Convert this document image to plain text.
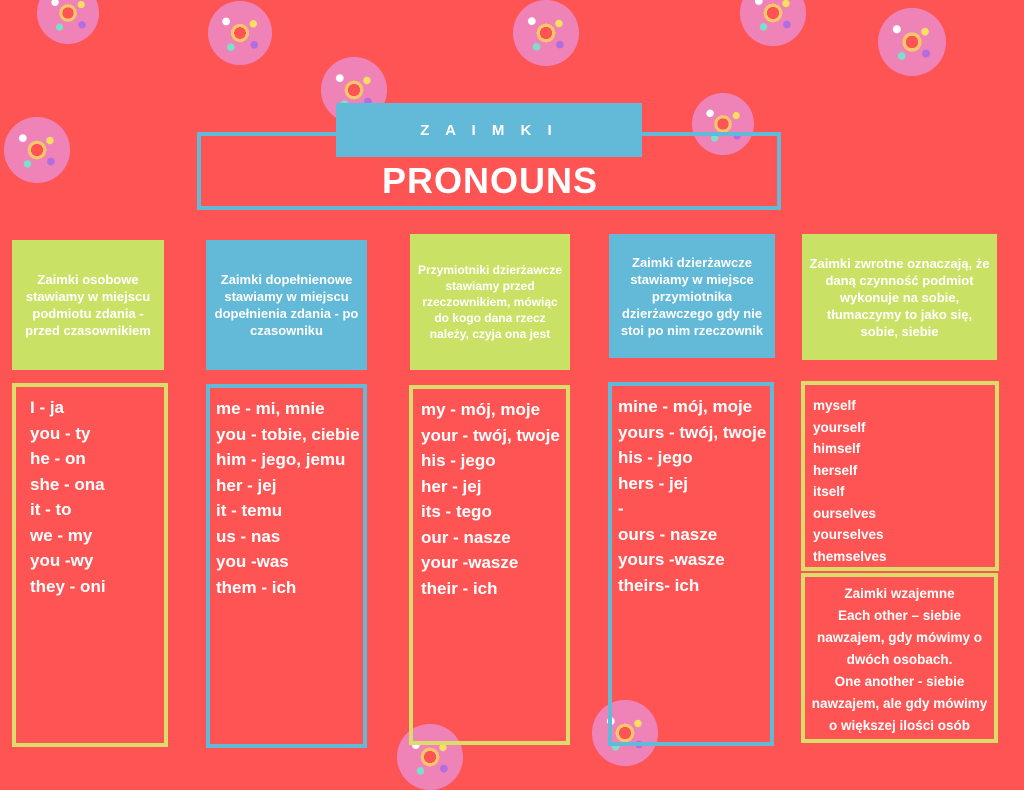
Z A I M K I
PRONOUNS
Zaimki osobowe stawiamy w miejscu podmiotu zdania - przed czasownikiem
Zaimki dopełnienowe stawiamy w miejscu dopełnienia zdania - po czasowniku
Przymiotniki dzierżawcze stawiamy przed rzeczownikiem, mówiąc do kogo dana rzecz należy, czyja ona jest
Zaimki dzierżawcze stawiamy w miejsce przymiotnika dzierżawczego gdy nie stoi po nim rzeczownik
Zaimki zwrotne oznaczają, że daną czynność podmiot wykonuje na sobie, tłumaczymy to jako się, sobie, siebie
I - ja
you - ty
he - on
she - ona
it - to
we - my
you -wy
they - oni
me - mi, mnie
you - tobie, ciebie
him - jego, jemu
her - jej
it - temu
us - nas
you -was
them - ich
my - mój, moje
your - twój, twoje
his - jego
her - jej
its - tego
our - nasze
your -wasze
their - ich
mine - mój, moje
yours - twój, twoje
his - jego
hers - jej
-
ours - nasze
yours -wasze
theirs- ich
myself
yourself
himself
herself
itself
ourselves
yourselves
themselves

Zaimki wzajemne

Each other – siebie

nawzajem, gdy mówimy o

dwóch osobach.

One another - siebie

nawzajem, ale gdy mówimy

o większej ilości osób
